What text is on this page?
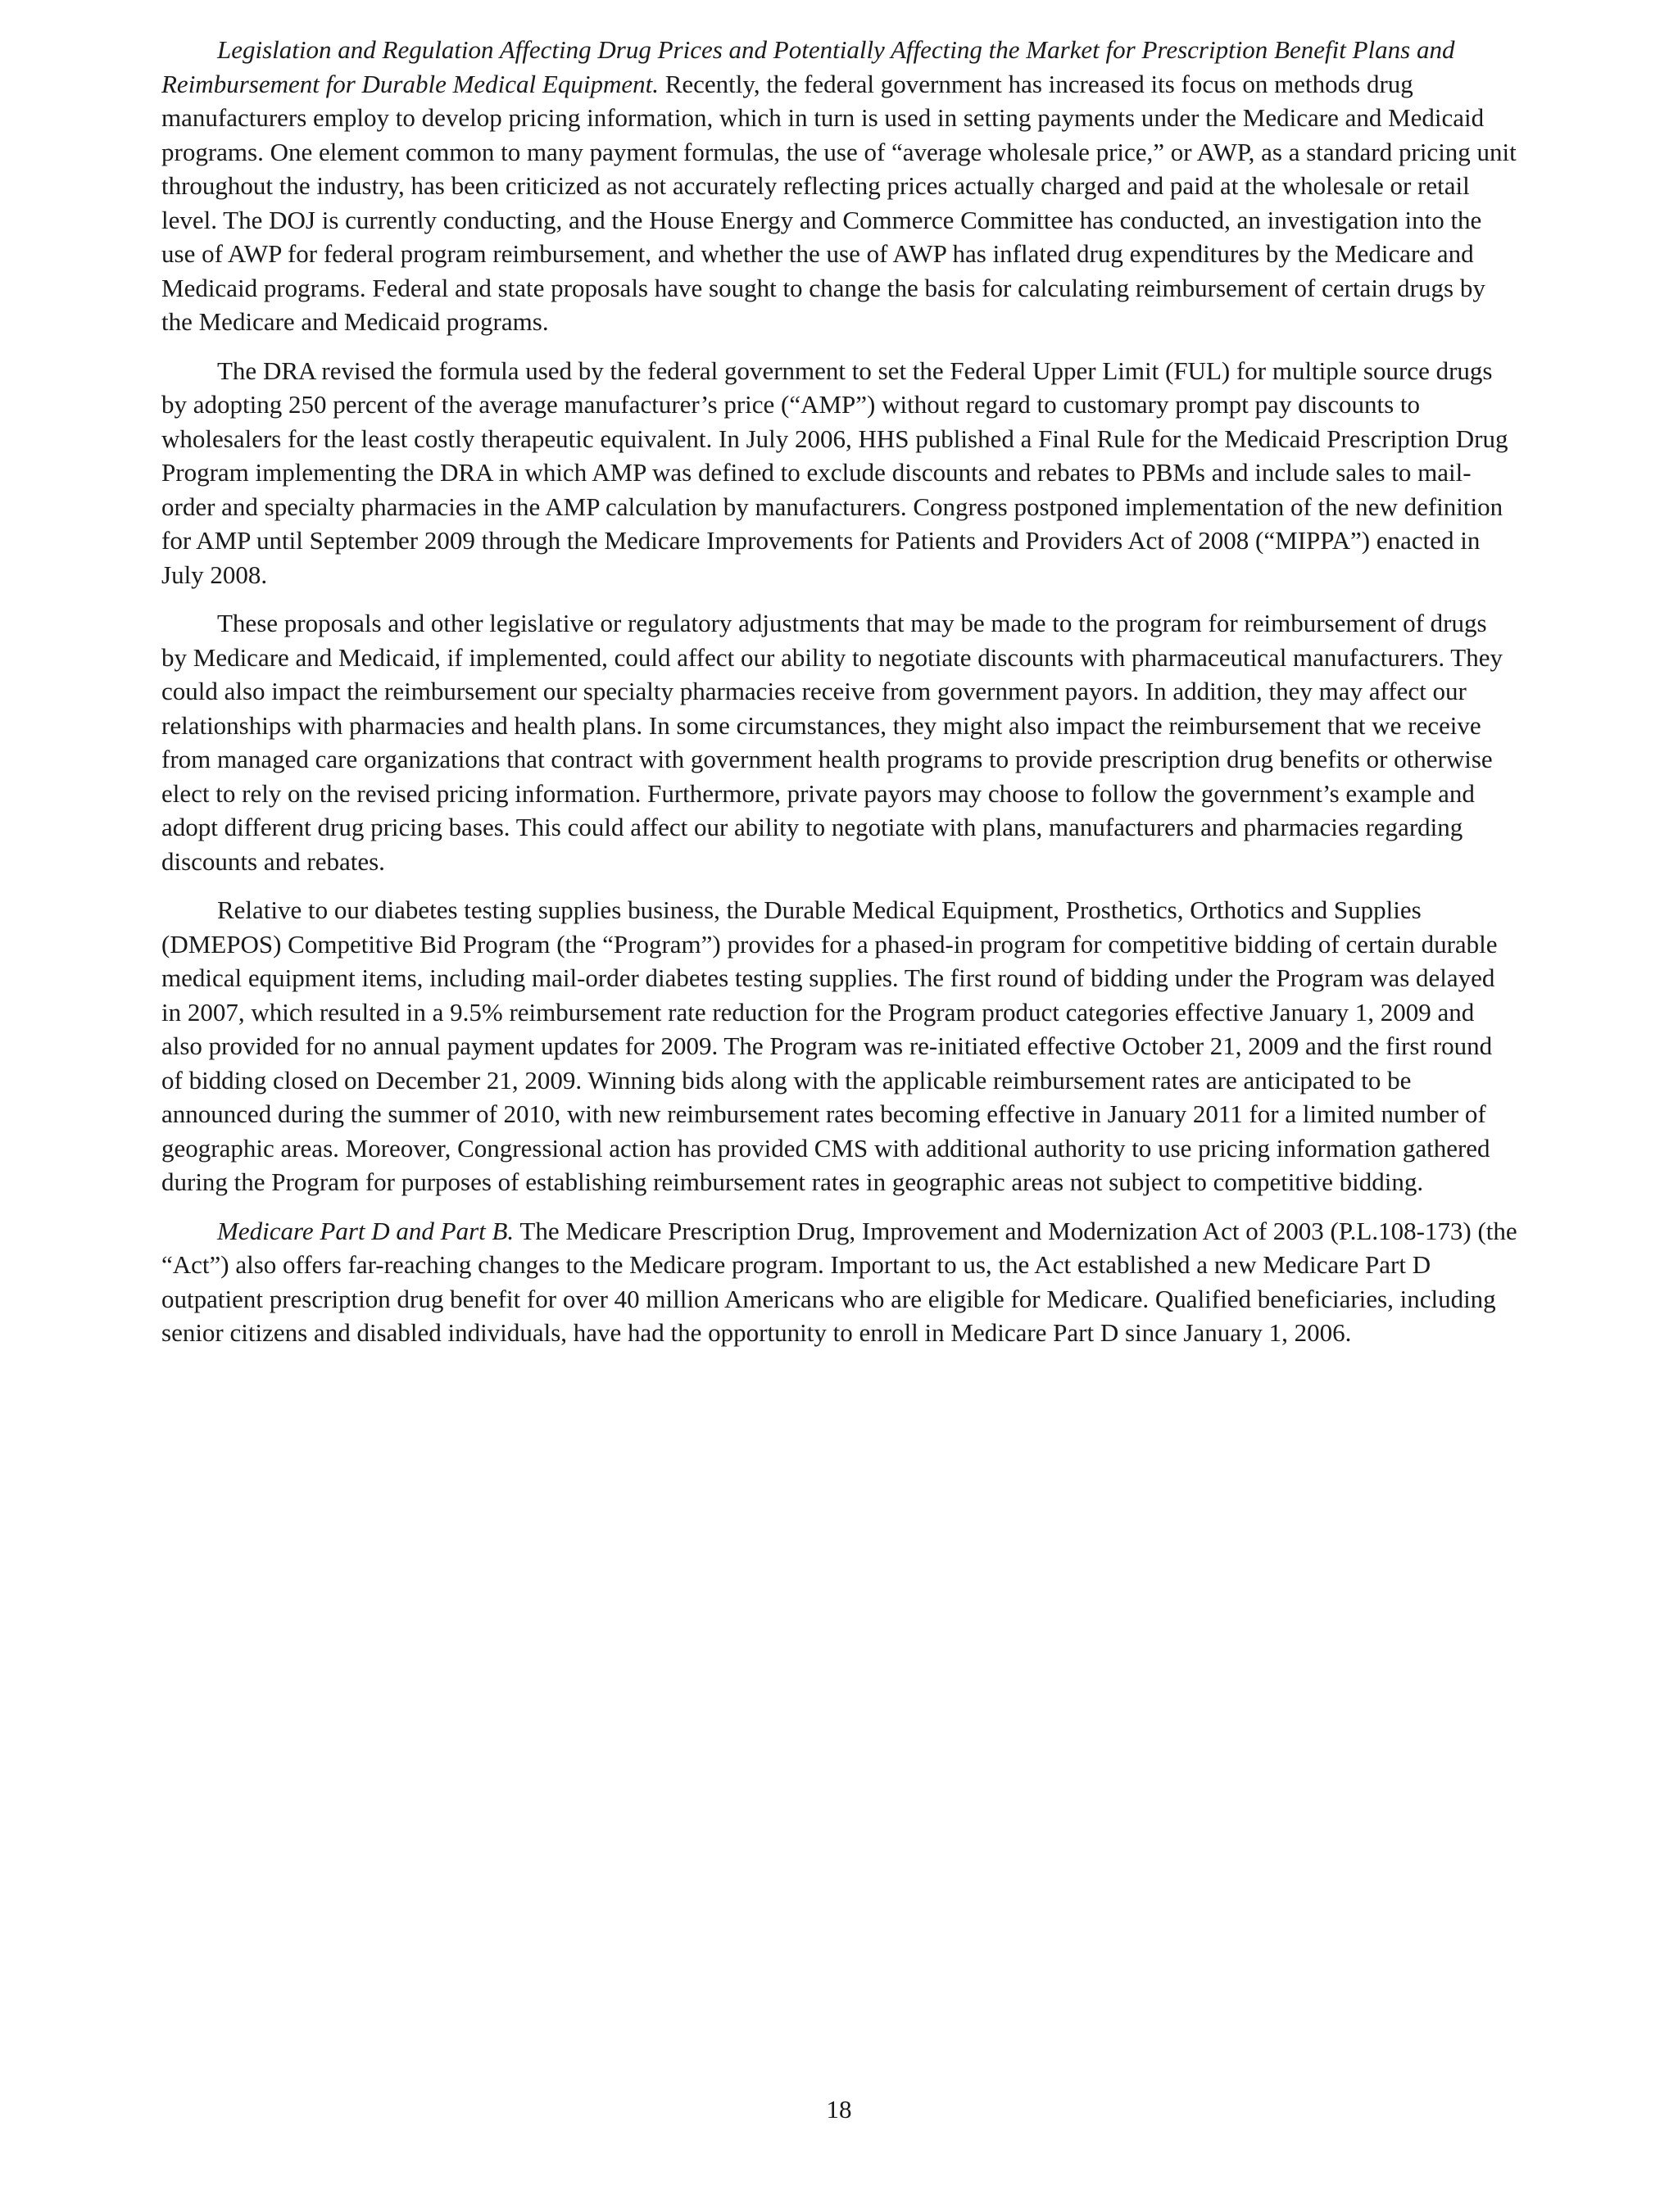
Legislation and Regulation Affecting Drug Prices and Potentially Affecting the Market for Prescription Benefit Plans and Reimbursement for Durable Medical Equipment. Recently, the federal government has increased its focus on methods drug manufacturers employ to develop pricing information, which in turn is used in setting payments under the Medicare and Medicaid programs. One element common to many payment formulas, the use of “average wholesale price,” or AWP, as a standard pricing unit throughout the industry, has been criticized as not accurately reflecting prices actually charged and paid at the wholesale or retail level. The DOJ is currently conducting, and the House Energy and Commerce Committee has conducted, an investigation into the use of AWP for federal program reimbursement, and whether the use of AWP has inflated drug expenditures by the Medicare and Medicaid programs. Federal and state proposals have sought to change the basis for calculating reimbursement of certain drugs by the Medicare and Medicaid programs.

The DRA revised the formula used by the federal government to set the Federal Upper Limit (FUL) for multiple source drugs by adopting 250 percent of the average manufacturer’s price (“AMP”) without regard to customary prompt pay discounts to wholesalers for the least costly therapeutic equivalent. In July 2006, HHS published a Final Rule for the Medicaid Prescription Drug Program implementing the DRA in which AMP was defined to exclude discounts and rebates to PBMs and include sales to mail-order and specialty pharmacies in the AMP calculation by manufacturers. Congress postponed implementation of the new definition for AMP until September 2009 through the Medicare Improvements for Patients and Providers Act of 2008 (“MIPPA”) enacted in July 2008.

These proposals and other legislative or regulatory adjustments that may be made to the program for reimbursement of drugs by Medicare and Medicaid, if implemented, could affect our ability to negotiate discounts with pharmaceutical manufacturers. They could also impact the reimbursement our specialty pharmacies receive from government payors. In addition, they may affect our relationships with pharmacies and health plans. In some circumstances, they might also impact the reimbursement that we receive from managed care organizations that contract with government health programs to provide prescription drug benefits or otherwise elect to rely on the revised pricing information. Furthermore, private payors may choose to follow the government’s example and adopt different drug pricing bases. This could affect our ability to negotiate with plans, manufacturers and pharmacies regarding discounts and rebates.

Relative to our diabetes testing supplies business, the Durable Medical Equipment, Prosthetics, Orthotics and Supplies (DMEPOS) Competitive Bid Program (the “Program”) provides for a phased-in program for competitive bidding of certain durable medical equipment items, including mail-order diabetes testing supplies. The first round of bidding under the Program was delayed in 2007, which resulted in a 9.5% reimbursement rate reduction for the Program product categories effective January 1, 2009 and also provided for no annual payment updates for 2009. The Program was re-initiated effective October 21, 2009 and the first round of bidding closed on December 21, 2009. Winning bids along with the applicable reimbursement rates are anticipated to be announced during the summer of 2010, with new reimbursement rates becoming effective in January 2011 for a limited number of geographic areas. Moreover, Congressional action has provided CMS with additional authority to use pricing information gathered during the Program for purposes of establishing reimbursement rates in geographic areas not subject to competitive bidding.

Medicare Part D and Part B. The Medicare Prescription Drug, Improvement and Modernization Act of 2003 (P.L.108-173) (the “Act”) also offers far-reaching changes to the Medicare program. Important to us, the Act established a new Medicare Part D outpatient prescription drug benefit for over 40 million Americans who are eligible for Medicare. Qualified beneficiaries, including senior citizens and disabled individuals, have had the opportunity to enroll in Medicare Part D since January 1, 2006.

18
